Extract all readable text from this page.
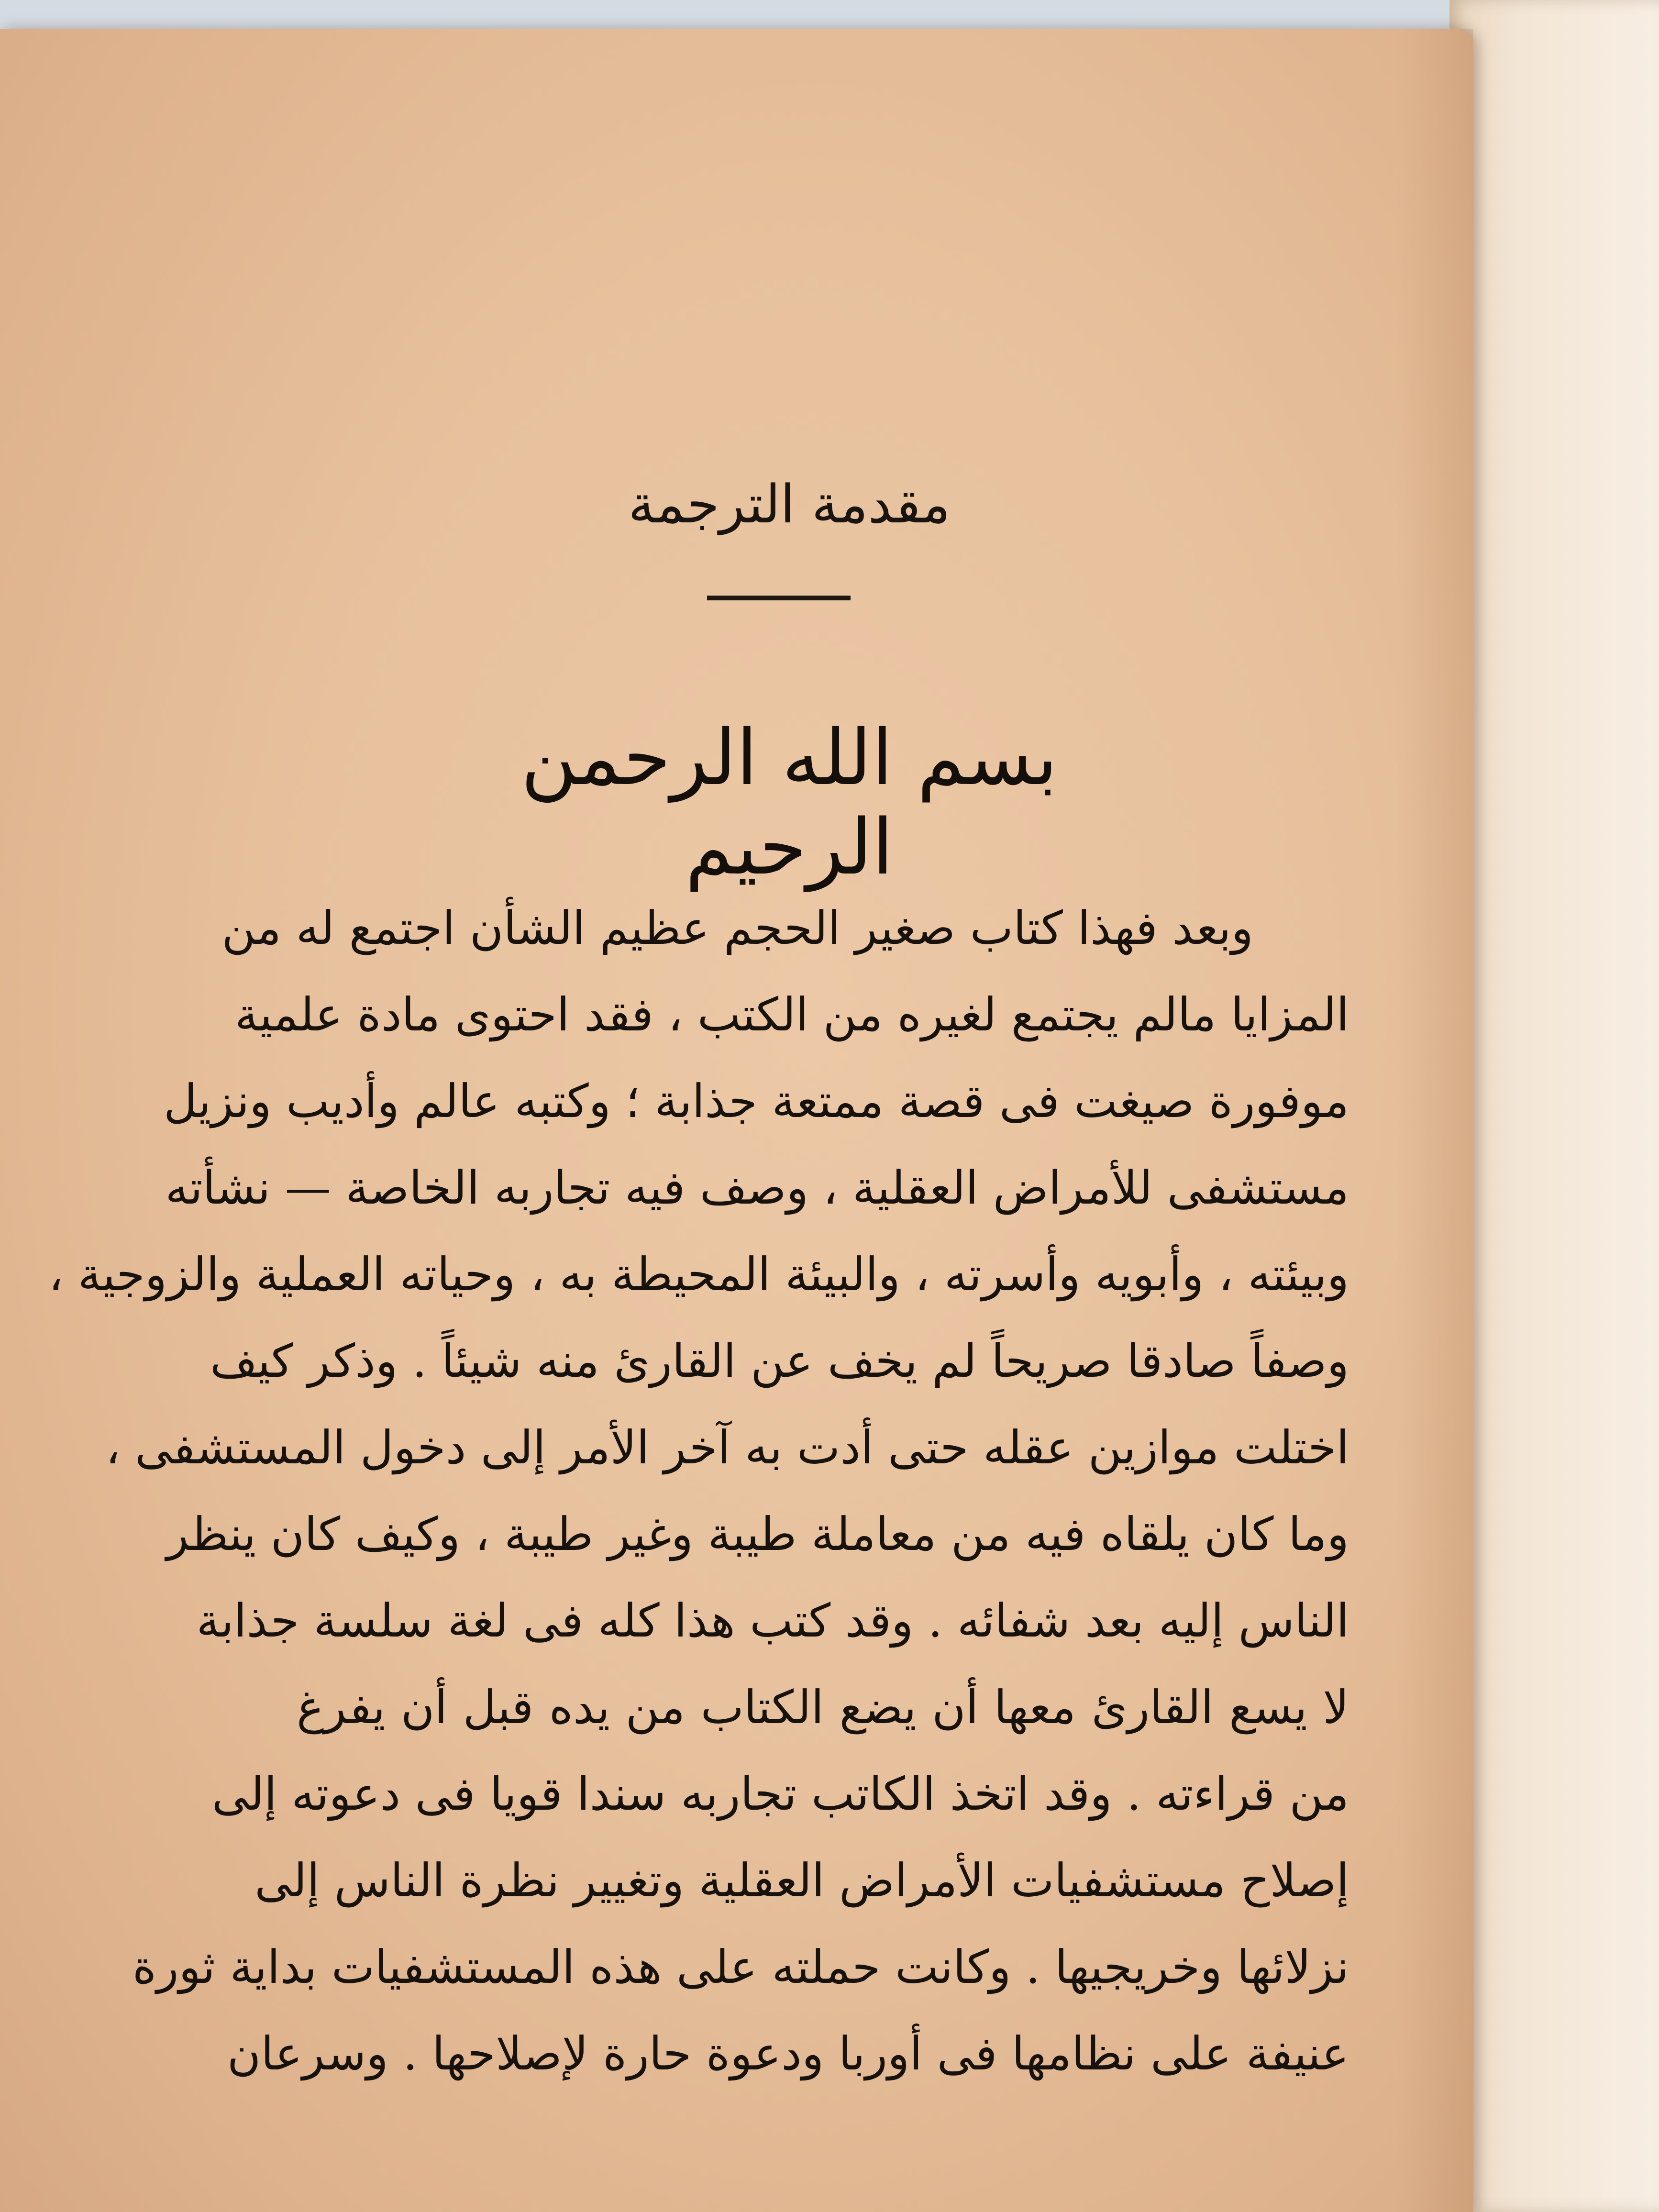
مقدمة الترجمة
بسم الله الرحمن الرحيم
وبعد فهذا كتاب صغير الحجم عظيم الشأن اجتمع له من
المزايا مالم يجتمع لغيره من الكتب ، فقد احتوى مادة علمية
موفورة صيغت فى قصة ممتعة جذابة ؛ وكتبه عالم وأديب ونزيل
مستشفى للأمراض العقلية ، وصف فيه تجاربه الخاصة — نشأته
وبيئته ، وأبويه وأسرته ، والبيئة المحيطة به ، وحياته العملية والزوجية ،
وصفاً صادقا صريحاً لم يخف عن القارئ منه شيئاً . وذكر كيف
اختلت موازين عقله حتى أدت به آخر الأمر إلى دخول المستشفى ،
وما كان يلقاه فيه من معاملة طيبة وغير طيبة ، وكيف كان ينظر
الناس إليه بعد شفائه . وقد كتب هذا كله فى لغة سلسة جذابة
لا يسع القارئ معها أن يضع الكتاب من يده قبل أن يفرغ
من قراءته . وقد اتخذ الكاتب تجاربه سندا قويا فى دعوته إلى
إصلاح مستشفيات الأمراض العقلية وتغيير نظرة الناس إلى
نزلائها وخريجيها . وكانت حملته على هذه المستشفيات بداية ثورة
عنيفة على نظامها فى أوربا ودعوة حارة لإصلاحها . وسرعان
